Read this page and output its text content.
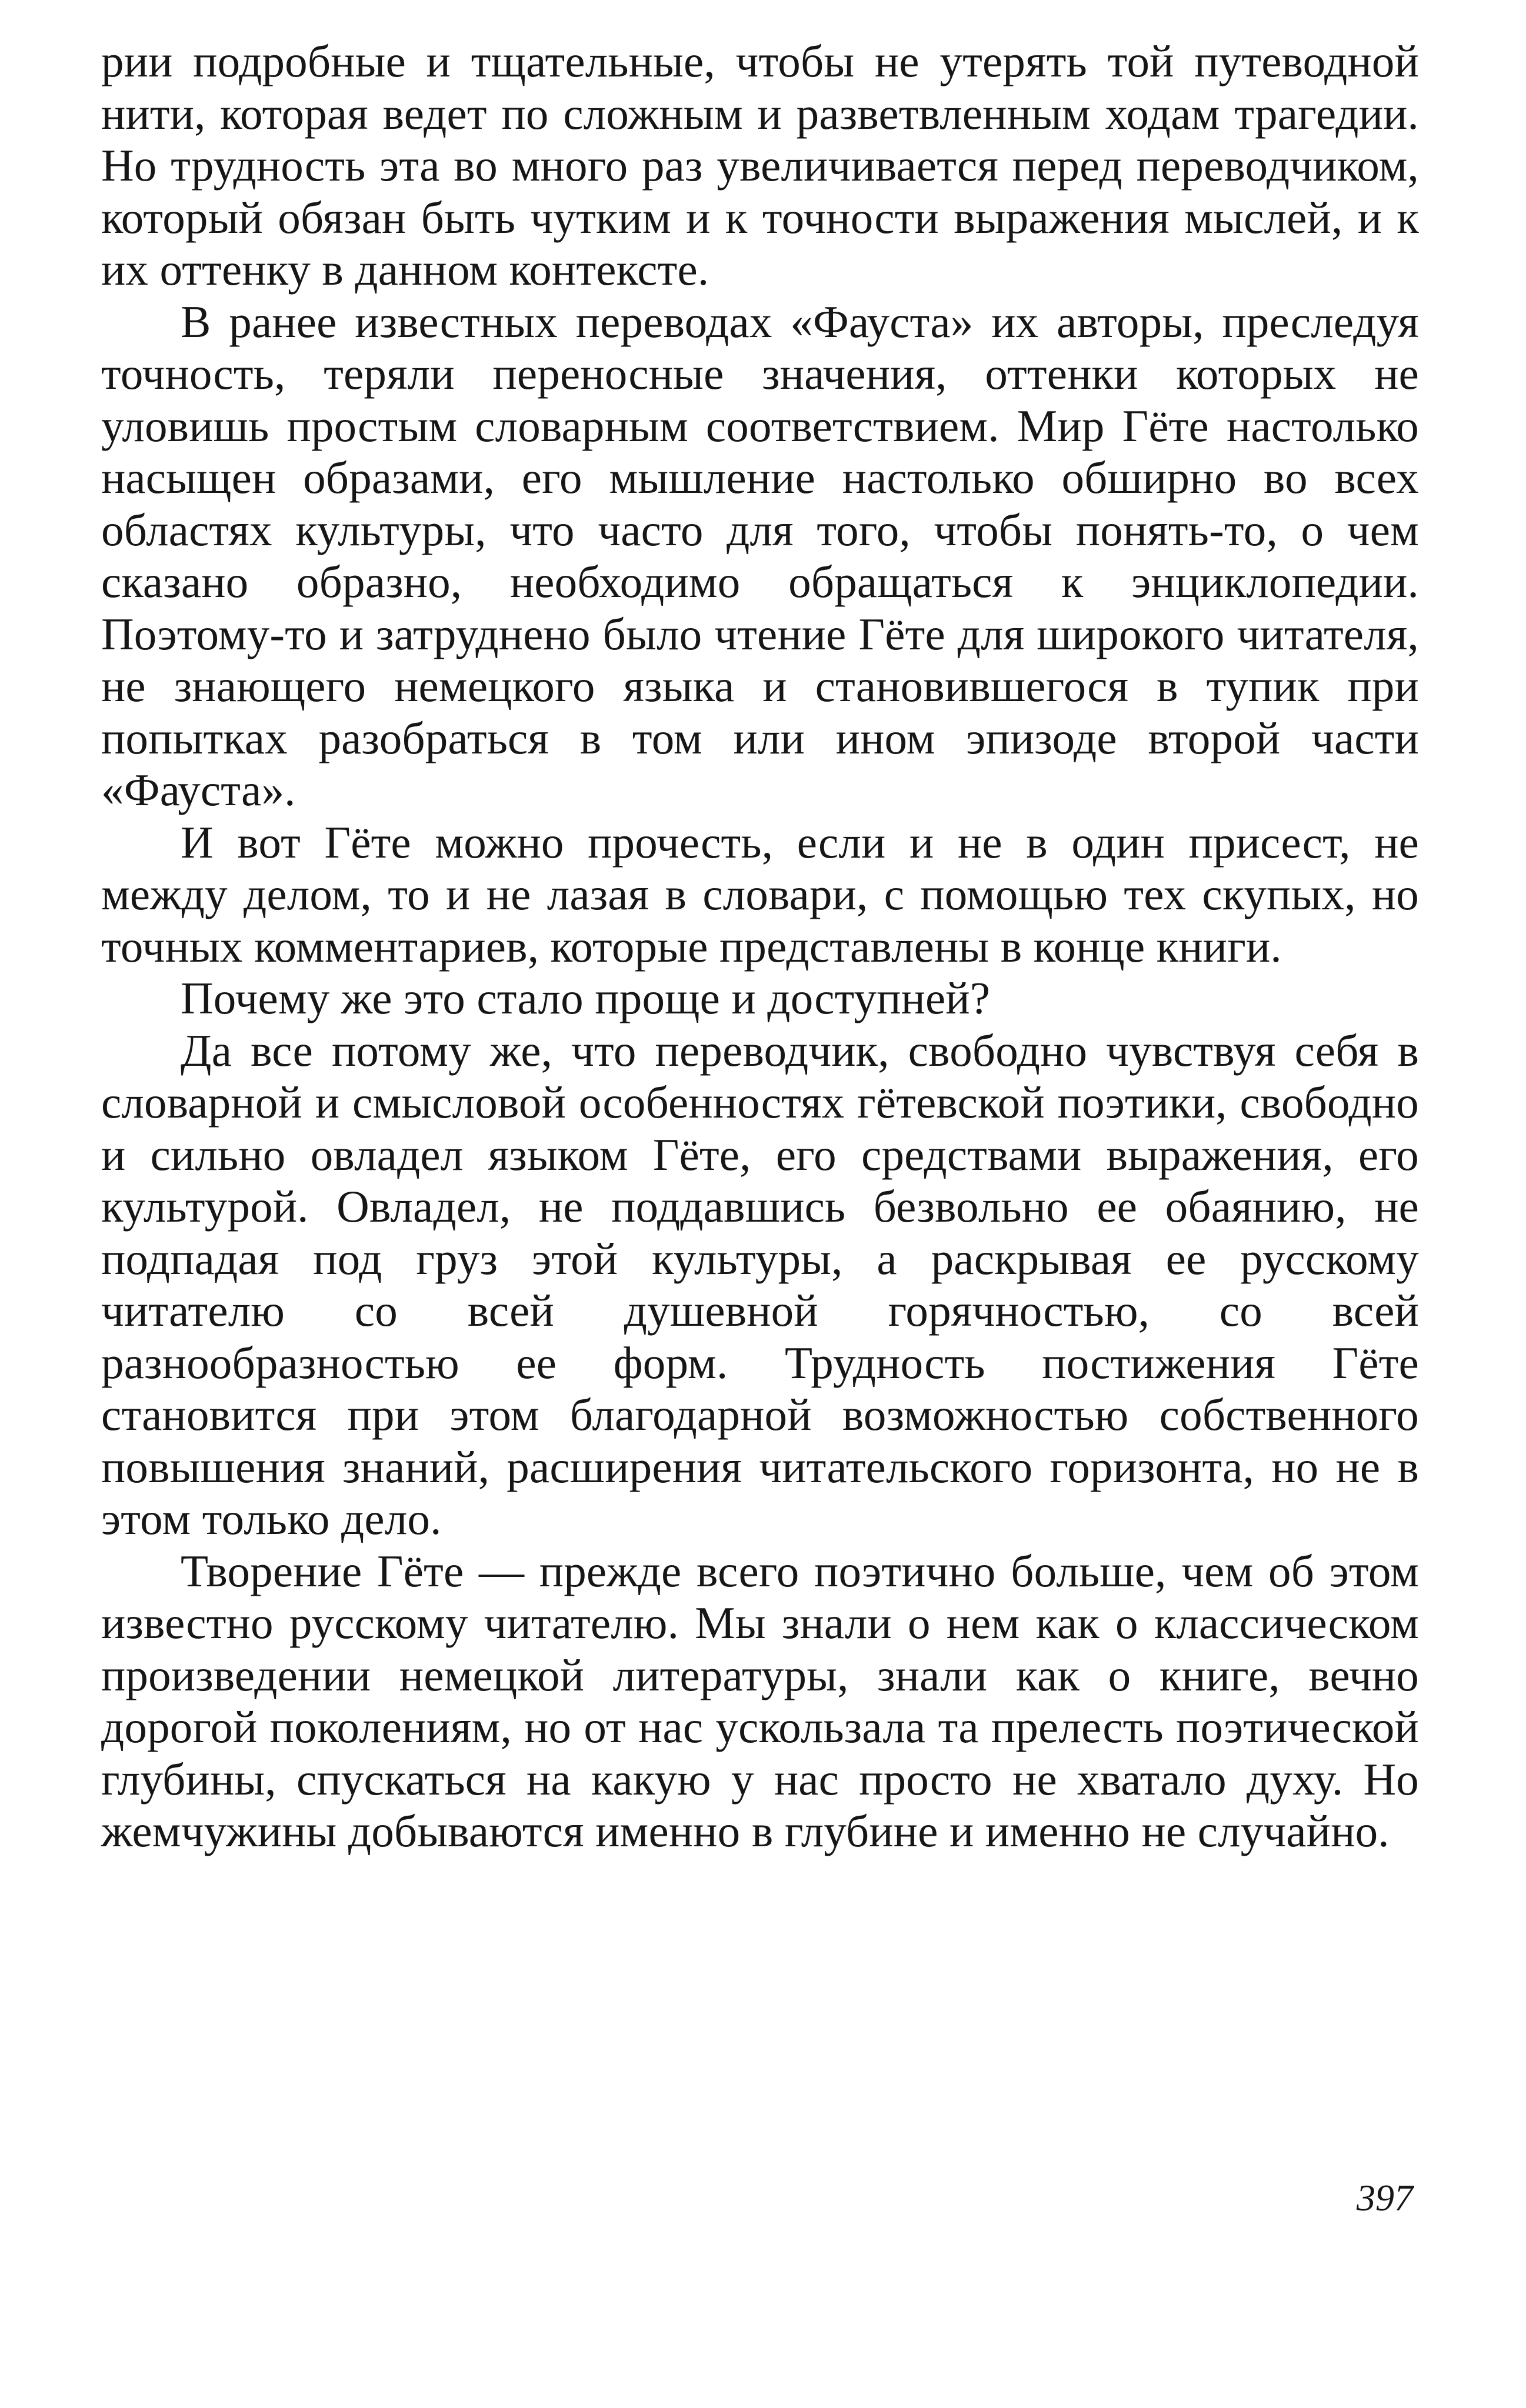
рии подробные и тщательные, чтобы не утерять той путеводной нити, которая ведет по сложным и разветвленным ходам трагедии. Но трудность эта во много раз увеличивается перед переводчиком, который обязан быть чутким и к точности выражения мыслей, и к их оттенку в данном контексте.

В ранее известных переводах «Фауста» их авторы, преследуя точность, теряли переносные значения, оттенки которых не уловишь простым словарным соответствием. Мир Гёте настолько насыщен образами, его мышление настолько обширно во всех областях культуры, что часто для того, чтобы понять-то, о чем сказано образно, необходимо обращаться к энциклопедии. Поэтому-то и затруднено было чтение Гёте для широкого читателя, не знающего немецкого языка и становившегося в тупик при попытках разобраться в том или ином эпизоде второй части «Фауста».

И вот Гёте можно прочесть, если и не в один присест, не между делом, то и не лазая в словари, с помощью тех скупых, но точных комментариев, которые представлены в конце книги.

Почему же это стало проще и доступней?

Да все потому же, что переводчик, свободно чувствуя себя в словарной и смысловой особенностях гётевской поэтики, свободно и сильно овладел языком Гёте, его средствами выражения, его культурой. Овладел, не поддавшись безвольно ее обаянию, не подпадая под груз этой культуры, а раскрывая ее русскому читателю со всей душевной горячностью, со всей разнообразностью ее форм. Трудность постижения Гёте становится при этом благодарной возможностью собственного повышения знаний, расширения читательского горизонта, но не в этом только дело.

Творение Гёте — прежде всего поэтично больше, чем об этом известно русскому читателю. Мы знали о нем как о классическом произведении немецкой литературы, знали как о книге, вечно дорогой поколениям, но от нас ускользала та прелесть поэтической глубины, спускаться на какую у нас просто не хватало духу. Но жемчужины добываются именно в глубине и именно не случайно.

397
